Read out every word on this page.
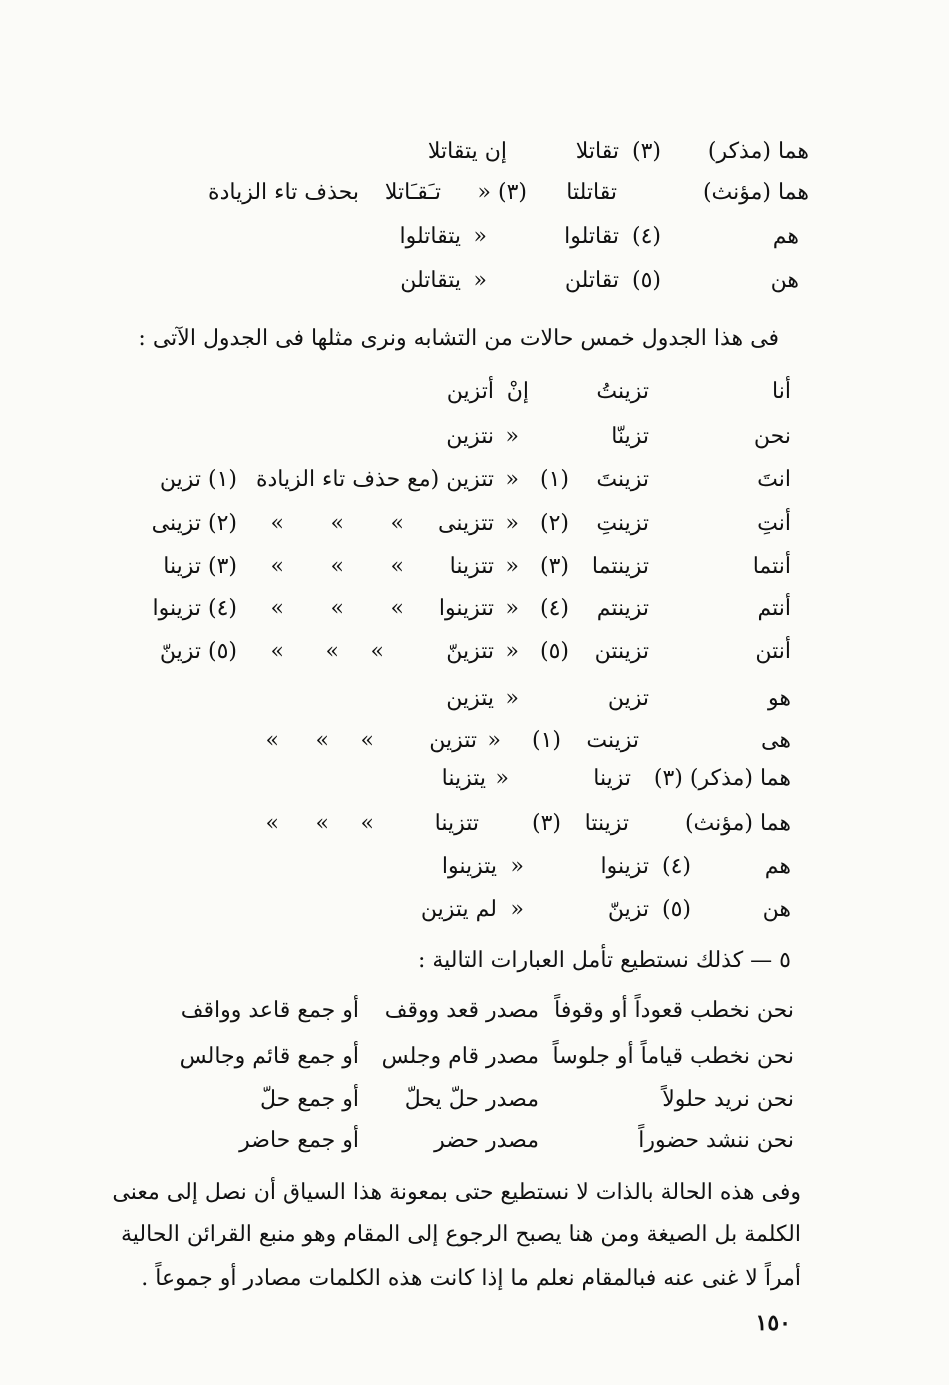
هما (مذكر)
(٣)
تقاتلا
إن يتقاتلا
هما (مؤنث)
تقاتلتا
(٣) «
تـَقـَاتلا
بحذف تاء الزيادة
هم
(٤)
تقاتلوا
«
يتقاتلوا
هن
(٥)
تقاتلن
«
يتقاتلن
فى هذا الجدول خمس حالات من التشابه ونرى مثلها فى الجدول الآتى :
أنا
تزينتُ
إنْ
أتزين
نحن
تزينّا
«
نتزين
انتَ
تزينتَ
(١)
«
تتزين (مع حذف تاء الزيادة
(١) تزين
أنتِ
تزينتِ
(٢)
«
تتزينى
»
»
»
(٢) تزينى
أنتما
تزينتما
(٣)
«
تتزينا
»
»
»
(٣) تزينا
أنتم
تزينتم
(٤)
«
تتزينوا
»
»
»
(٤) تزينوا
أنتن
تزينتن
(٥)
«
تتزينّ
»
»
»
(٥) تزينّ
هو
تزين
«
يتزين
هى
تزينت
(١)
«
تتزين
»
»
»
هما (مذكر) (٣)
تزينا
«
يتزينا
هما (مؤنث)
تزينتا
(٣)
تتزينا
»
»
»
هم
(٤)
تزينوا
«
يتزينوا
هن
(٥)
تزينّ
«
لم يتزين
٥ — كذلك نستطيع تأمل العبارات التالية :
نحن نخطب قعوداً أو وقوفاً
مصدر قعد ووقف
أو جمع قاعد وواقف
نحن نخطب قياماً أو جلوساً
مصدر قام وجلس
أو جمع قائم وجالس
نحن نريد حلولاً
مصدر حلّ يحلّ
أو جمع حلّ
نحن ننشد حضوراً
مصدر حضر
أو جمع حاضر
وفى هذه الحالة بالذات لا نستطيع حتى بمعونة هذا السياق أن نصل إلى معنى
الكلمة بل الصيغة ومن هنا يصبح الرجوع إلى المقام وهو منبع القرائن الحالية
أمراً لا غنى عنه فبالمقام نعلم ما إذا كانت هذه الكلمات مصادر أو جموعاً .
١٥٠
